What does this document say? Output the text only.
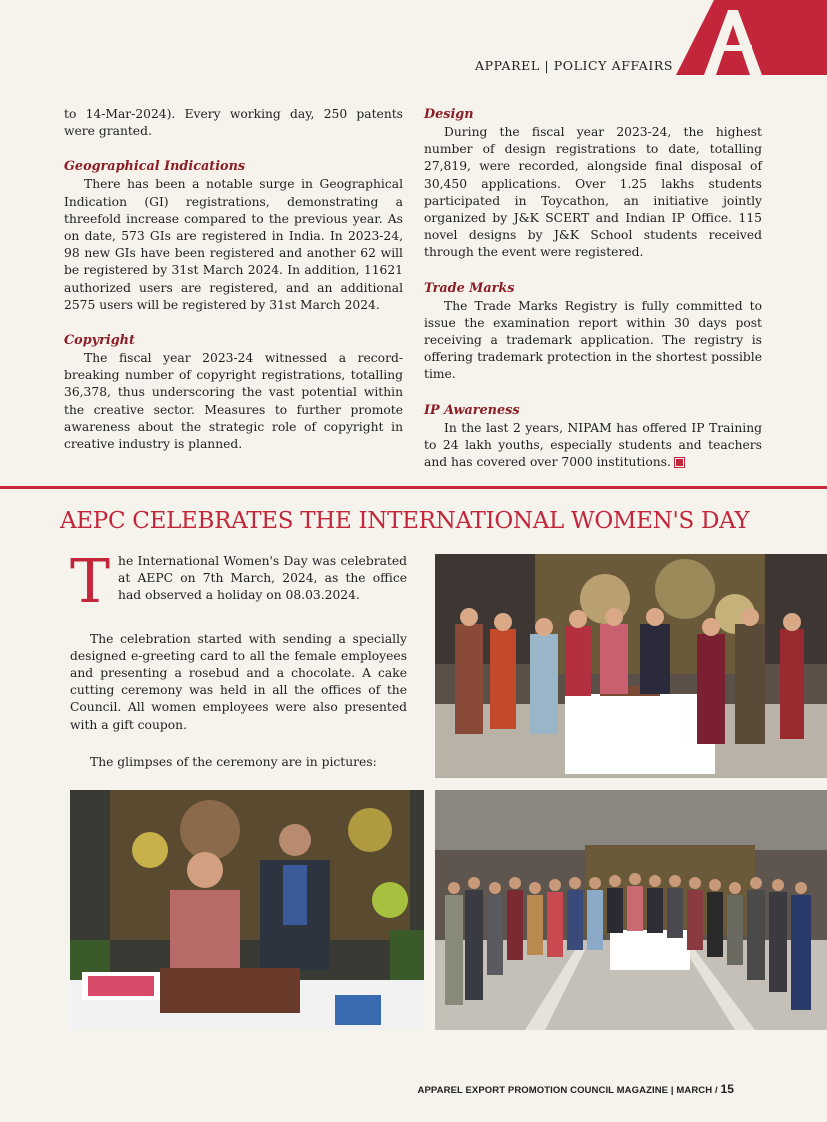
APPAREL | POLICY AFFAIRS

to 14-Mar-2024). Every working day, 250 patents were granted.

Geographical Indications

There has been a notable surge in Geographical Indication (GI) registrations, demonstrating a threefold increase compared to the previous year. As on date, 573 GIs are registered in India. In 2023-24, 98 new GIs have been registered and another 62 will be registered by 31st March 2024. In addition, 11621 authorized users are registered, and an additional 2575 users will be registered by 31st March 2024.

Copyright

The fiscal year 2023-24 witnessed a record-breaking number of copyright registrations, totalling 36,378, thus underscoring the vast potential within the creative sector. Measures to further promote awareness about the strategic role of copyright in creative industry is planned.

Design

During the fiscal year 2023-24, the highest number of design registrations to date, totalling 27,819, were recorded, alongside final disposal of 30,450 applications. Over 1.25 lakhs students participated in Toycathon, an initiative jointly organized by J&K SCERT and Indian IP Office. 115 novel designs by J&K School students received through the event were registered.

Trade Marks

The Trade Marks Registry is fully committed to issue the examination report within 30 days post receiving a trademark application. The registry is offering trademark protection in the shortest possible time.

IP Awareness

In the last 2 years, NIPAM has offered IP Training to 24 lakh youths, especially students and teachers and has covered over 7000 institutions.

AEPC CELEBRATES THE INTERNATIONAL WOMEN'S DAY

The International Women's Day was celebrated at AEPC on 7th March, 2024, as the office had observed a holiday on 08.03.2024.

The celebration started with sending a specially designed e-greeting card to all the female employees and presenting a rosebud and a chocolate. A cake cutting ceremony was held in all the offices of the Council. All women employees were also presented with a gift coupon.

The glimpses of the ceremony are in pictures:

APPAREL EXPORT PROMOTION COUNCIL MAGAZINE | MARCH / 15
